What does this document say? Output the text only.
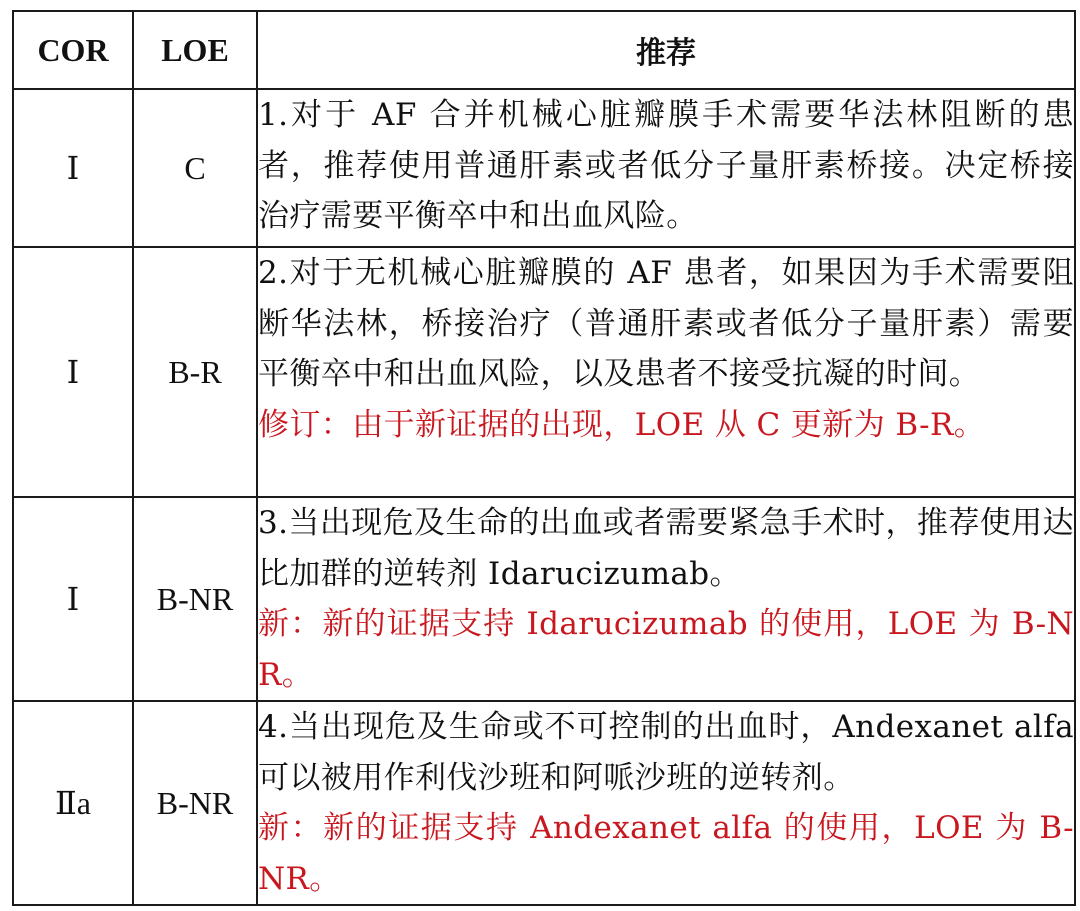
COR	LOE	推荐
Ⅰ	C	1.对于 AF 合并机械心脏瓣膜手术需要华法林阻断的患者，推荐使用普通肝素或者低分子量肝素桥接。决定桥接治疗需要平衡卒中和出血风险。

Ⅰ	B-R	2.对于无机械心脏瓣膜的 AF 患者，如果因为手术需要阻断华法林，桥接治疗（普通肝素或者低分子量肝素）需要平衡卒中和出血风险，以及患者不接受抗凝的时间。
修订：由于新证据的出现，LOE 从 C 更新为 B-R。

Ⅰ	B-NR	3.当出现危及生命的出血或者需要紧急手术时，推荐使用达比加群的逆转剂 Idarucizumab。
新：新的证据支持 Idarucizumab 的使用，LOE 为 B-NR。

Ⅱa	B-NR	4.当出现危及生命或不可控制的出血时，Andexanet alfa 可以被用作利伐沙班和阿哌沙班的逆转剂。
新：新的证据支持 Andexanet alfa 的使用，LOE 为 B-NR。
